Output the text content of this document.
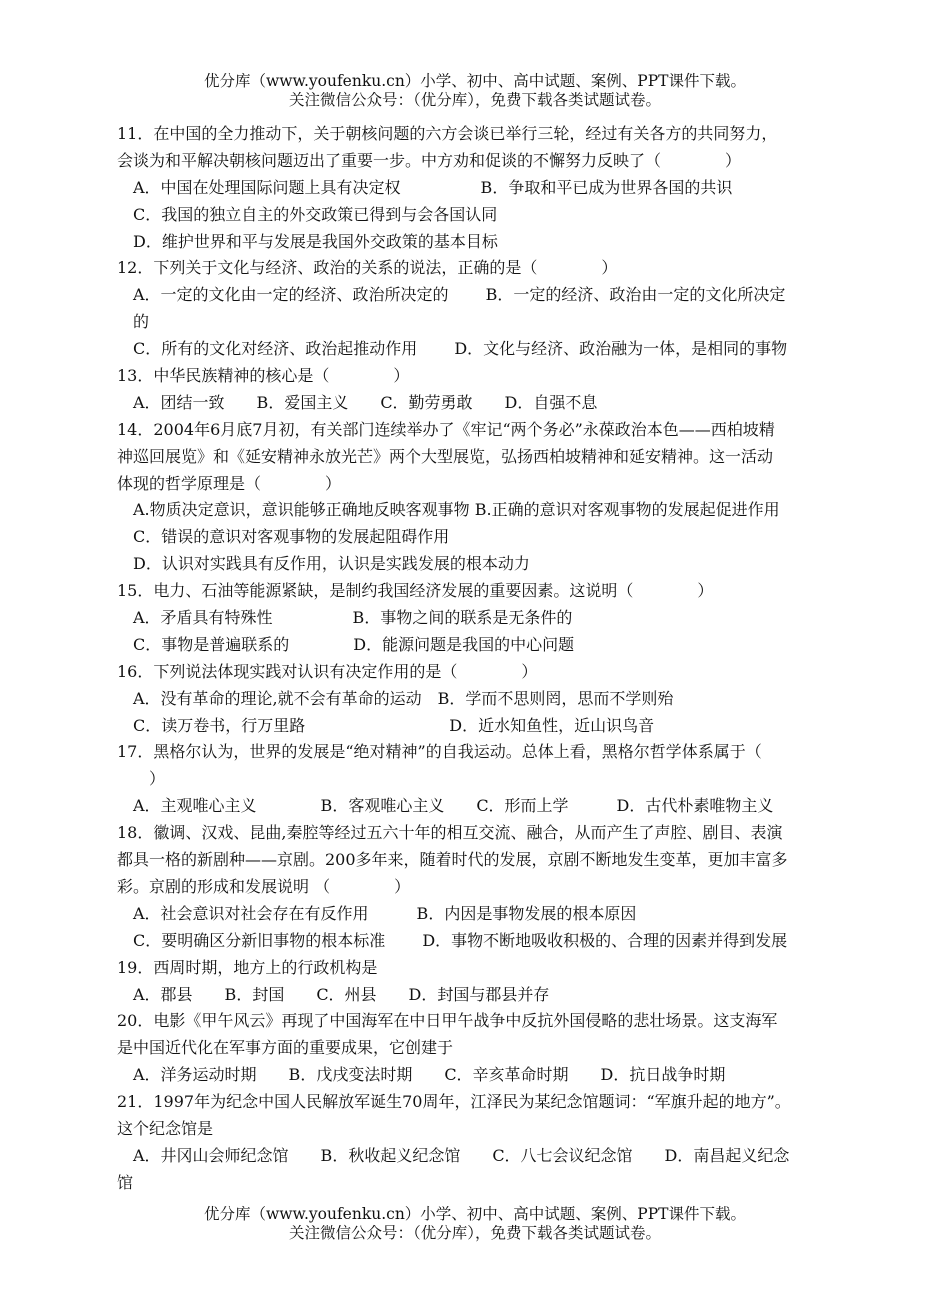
优分库（www.youfenku.cn）小学、初中、高中试题、案例、PPT课件下载。
关注微信公众号：（优分库），免费下载各类试题试卷。
11．在中国的全力推动下，关于朝核问题的六方会谈已举行三轮，经过有关各方的共同努力，
会谈为和平解决朝核问题迈出了重要一步。中方劝和促谈的不懈努力反映了（　　　　）
　A．中国在处理国际问题上具有决定权　　　　　B．争取和平已成为世界各国的共识
　C．我国的独立自主的外交政策已得到与会各国认同
　D．维护世界和平与发展是我国外交政策的基本目标
12．下列关于文化与经济、政治的关系的说法，正确的是（　　　　）
　A．一定的文化由一定的经济、政治所决定的　　 B．一定的经济、政治由一定的文化所决定
　的
　C．所有的文化对经济、政治起推动作用　　 D．文化与经济、政治融为一体，是相同的事物
13．中华民族精神的核心是（　　　　）
　A．团结一致　　B．爱国主义　　C．勤劳勇敢　　D．自强不息
14．2004年6月底7月初，有关部门连续举办了《牢记“两个务必”永葆政治本色——西柏坡精
神巡回展览》和《延安精神永放光芒》两个大型展览，弘扬西柏坡精神和延安精神。这一活动
体现的哲学原理是（　　　　）
　A.物质决定意识，意识能够正确地反映客观事物 B.正确的意识对客观事物的发展起促进作用
　C．错误的意识对客观事物的发展起阻碍作用
　D．认识对实践具有反作用，认识是实践发展的根本动力
15．电力、石油等能源紧缺，是制约我国经济发展的重要因素。这说明（　　　　）
　A．矛盾具有特殊性　　　　　B．事物之间的联系是无条件的
　C．事物是普遍联系的　　　　D．能源问题是我国的中心问题
16．下列说法体现实践对认识有决定作用的是（　　　　）
　A．没有革命的理论,就不会有革命的运动　B．学而不思则罔，思而不学则殆
　C．读万卷书，行万里路　　　　　　　　　D．近水知鱼性，近山识鸟音
17．黑格尔认为，世界的发展是“绝对精神”的自我运动。总体上看，黑格尔哲学体系属于（
　　）
　A．主观唯心主义　　　　B．客观唯心主义　　C．形而上学　　　D．古代朴素唯物主义
18．徽调、汉戏、昆曲,秦腔等经过五六十年的相互交流、融合，从而产生了声腔、剧目、表演
都具一格的新剧种——京剧。200多年来，随着时代的发展，京剧不断地发生变革，更加丰富多
彩。京剧的形成和发展说明 （　　　　）
　A．社会意识对社会存在有反作用　　　B．内因是事物发展的根本原因
　C．要明确区分新旧事物的根本标准　　 D．事物不断地吸收积极的、合理的因素并得到发展
19．西周时期，地方上的行政机构是
　A．郡县　　B．封国　　C．州县　　D．封国与郡县并存
20．电影《甲午风云》再现了中国海军在中日甲午战争中反抗外国侵略的悲壮场景。这支海军
是中国近代化在军事方面的重要成果，它创建于
　A．洋务运动时期　　B．戊戌变法时期　　C．辛亥革命时期　　D．抗日战争时期
21．1997年为纪念中国人民解放军诞生70周年，江泽民为某纪念馆题词：“军旗升起的地方”。
这个纪念馆是
　A．井冈山会师纪念馆　　B．秋收起义纪念馆　　C．八七会议纪念馆　　D．南昌起义纪念
馆
优分库（www.youfenku.cn）小学、初中、高中试题、案例、PPT课件下载。
关注微信公众号：（优分库），免费下载各类试题试卷。
